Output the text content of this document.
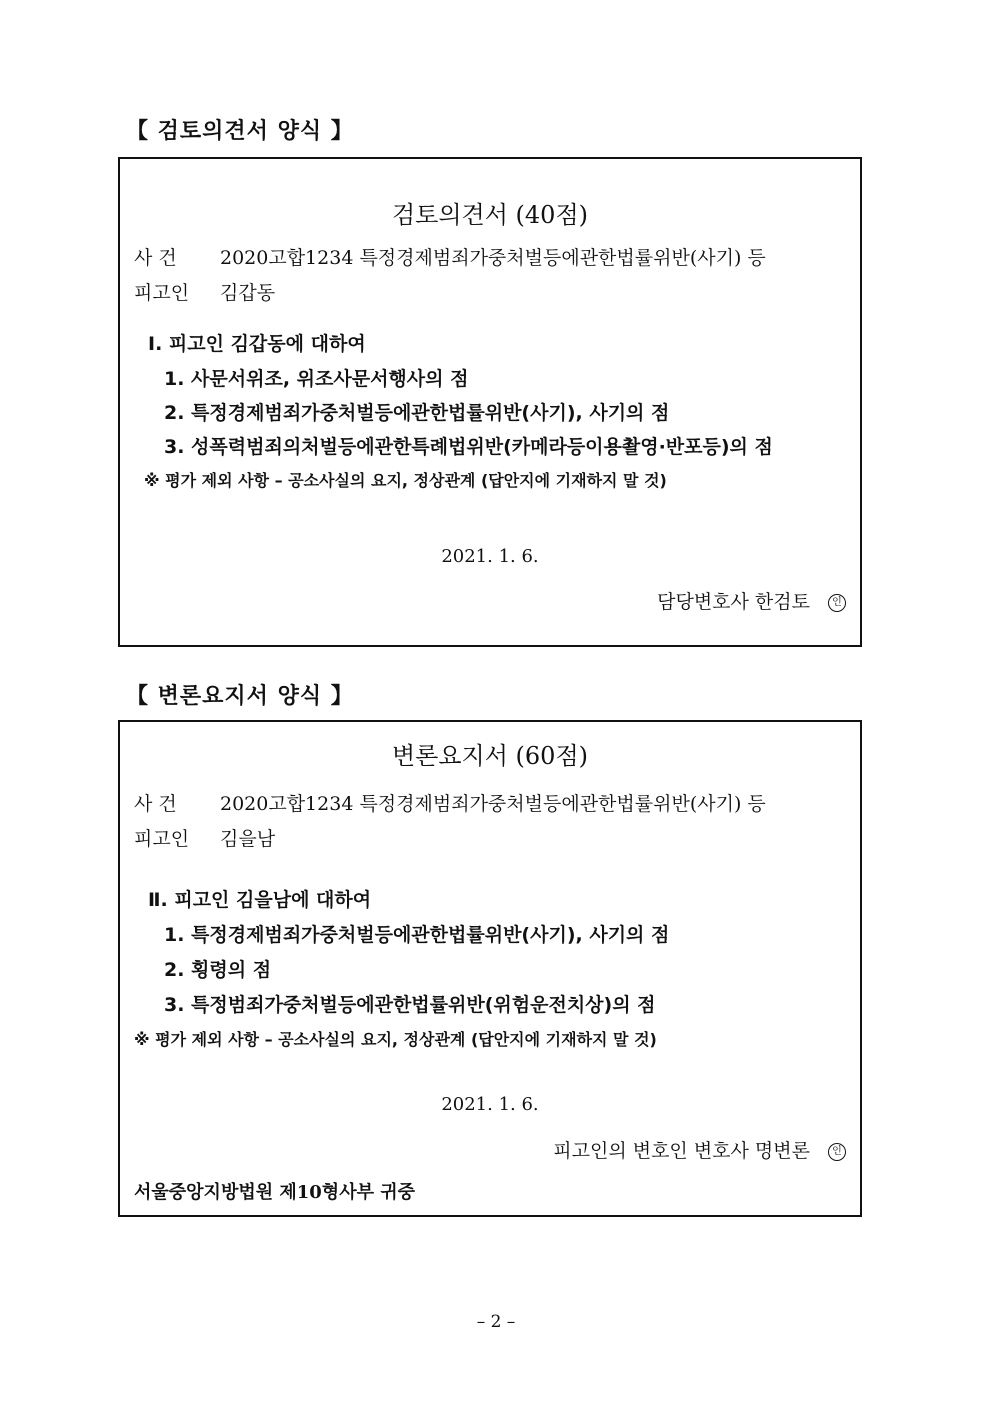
【 검토의견서 양식 】
검토의견서 (40점)
사 건 2020고합1234 특정경제범죄가중처벌등에관한법률위반(사기) 등
피고인 김갑동
Ⅰ. 피고인 김갑동에 대하여
1. 사문서위조, 위조사문서행사의 점
2. 특정경제범죄가중처벌등에관한법률위반(사기), 사기의 점
3. 성폭력범죄의처벌등에관한특례법위반(카메라등이용촬영·반포등)의 점
※ 평가 제외 사항 – 공소사실의 요지, 정상관계 (답안지에 기재하지 말 것)
2021. 1. 6.
담당변호사 한검토 인
【 변론요지서 양식 】
변론요지서 (60점)
사 건 2020고합1234 특정경제범죄가중처벌등에관한법률위반(사기) 등
피고인 김을남
Ⅱ. 피고인 김을남에 대하여
1. 특정경제범죄가중처벌등에관한법률위반(사기), 사기의 점
2. 횡령의 점
3. 특정범죄가중처벌등에관한법률위반(위험운전치상)의 점
※ 평가 제외 사항 – 공소사실의 요지, 정상관계 (답안지에 기재하지 말 것)
2021. 1. 6.
피고인의 변호인 변호사 명변론 인
서울중앙지방법원 제10형사부 귀중
– 2 –
